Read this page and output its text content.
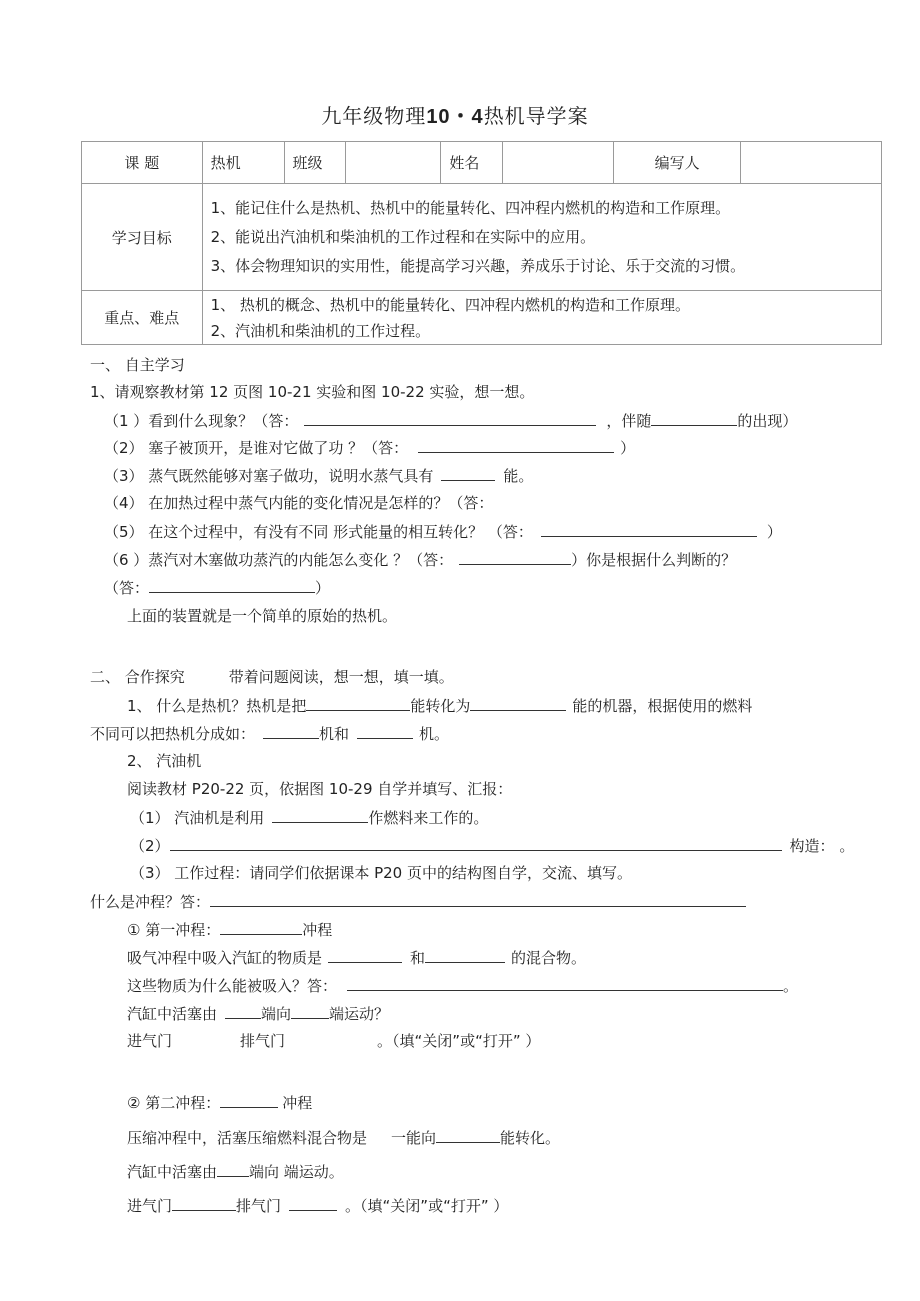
九年级物理10・4热机导学案
课 题	热机	班级		姓名		编写人	
学习目标	1、能记住什么是热机、热机中的能量转化、四冲程内燃机的构造和工作原理。
2、能说出汽油机和柴油机的工作过程和在实际中的应用。
3、体会物理知识的实用性，能提高学习兴趣，养成乐于讨论、乐于交流的习惯。						

重点、难点	1、 热机的概念、热机中的能量转化、四冲程内燃机的构造和工作原理。
2、汽油机和柴油机的工作过程。						
一、 自主学习
1、请观察教材第 12 页图 10-21 实验和图 10-22 实验，想一想。
（1 ）看到什么现象？（答：	，伴随	的出现）
（2） 塞子被顶开，是谁对它做了功 ？（答：	）
（3） 蒸气既然能够对塞子做功，说明水蒸气具有	能。
（4） 在加热过程中蒸气内能的变化情况是怎样的？（答：
（5） 在这个过程中，有没有不同 形式能量的相互转化？ （答：	）
（6 ）蒸汽对木塞做功蒸汽的内能怎么变化 ？（答：	）你是根据什么判断的？
（答：	）
上面的装置就是一个简单的原始的热机。
二、 合作探究	带着问题阅读，想一想，填一填。
1、 什么是热机？热机是把	能转化为	能的机器，根据使用的燃料
不同可以把热机分成如：	机和	机。
2、 汽油机
阅读教材 P20-22 页，依据图 10-29 自学并填写、汇报：
（1） 汽油机是利用	作燃料来工作的。
（2）	构造： 。
（3） 工作过程：请同学们依据课本 P20 页中的结构图自学，交流、填写。
什么是冲程？答：
① 第一冲程：	冲程
吸气冲程中吸入汽缸的物质是	和	的混合物。
这些物质为什么能被吸入？答：	。
汽缸中活塞由	端向	端运动？
进气门	排气门	。（填“关闭”或“打开” ）
② 第二冲程：	冲程
压缩冲程中，活塞压缩燃料混合物是 一能向	能转化。
汽缸中活塞由 端向 端运动。
进气门	排气门	。（填“关闭”或“打开” ）
